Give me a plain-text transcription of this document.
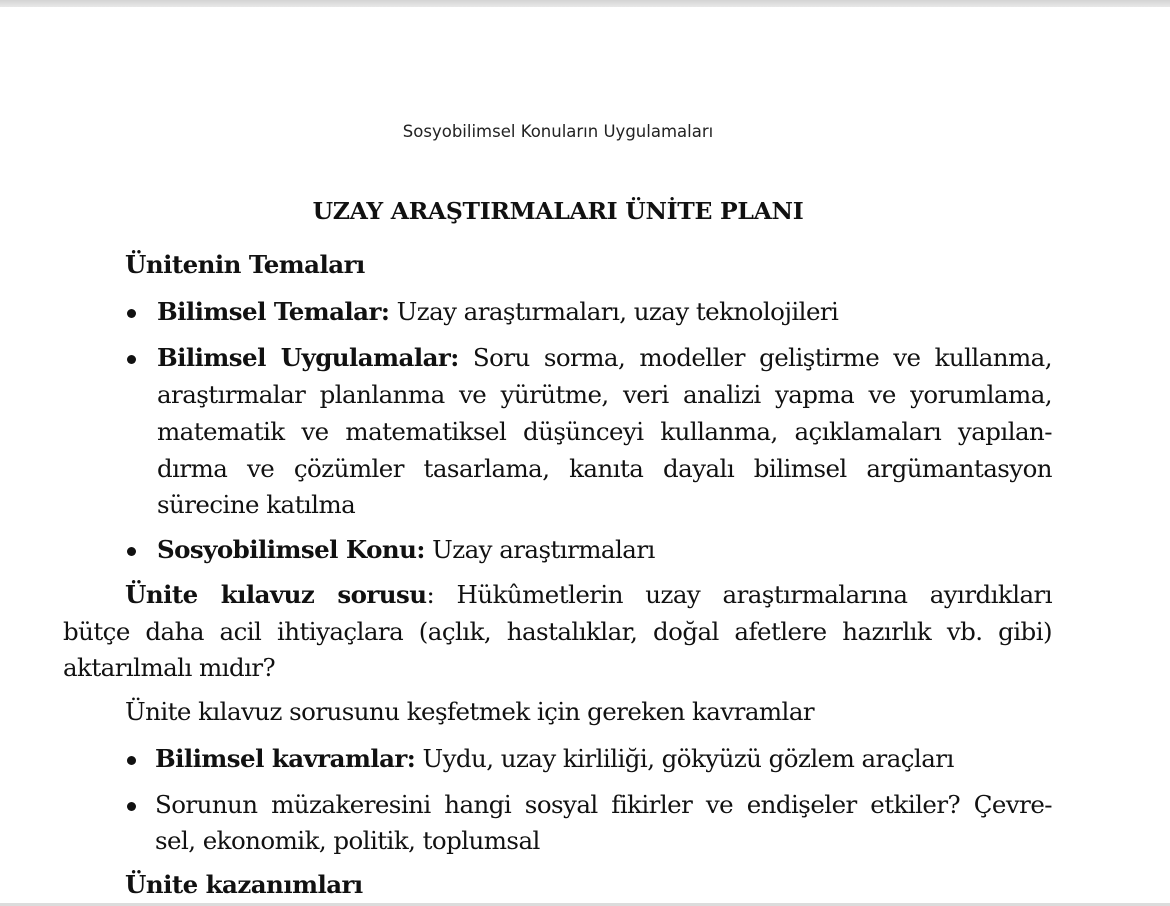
Sosyobilimsel Konuların Uygulamaları
UZAY ARAŞTIRMALARI ÜNİTE PLANI
Ünitenin Temaları
Bilimsel Temalar: Uzay araştırmaları, uzay teknolojileri
Bilimsel Uygulamalar: Soru sorma, modeller geliştirme ve kullanma,
araştırmalar planlanma ve yürütme, veri analizi yapma ve yorumlama,
matematik ve matematiksel düşünceyi kullanma, açıklamaları yapılan-
dırma ve çözümler tasarlama, kanıta dayalı bilimsel argümantasyon
sürecine katılma
Sosyobilimsel Konu: Uzay araştırmaları
Ünite kılavuz sorusu: Hükûmetlerin uzay araştırmalarına ayırdıkları
bütçe daha acil ihtiyaçlara (açlık, hastalıklar, doğal afetlere hazırlık vb. gibi)
aktarılmalı mıdır?
Ünite kılavuz sorusunu keşfetmek için gereken kavramlar
Bilimsel kavramlar: Uydu, uzay kirliliği, gökyüzü gözlem araçları
Sorunun müzakeresini hangi sosyal fikirler ve endişeler etkiler? Çevre-
sel, ekonomik, politik, toplumsal
Ünite kazanımları
